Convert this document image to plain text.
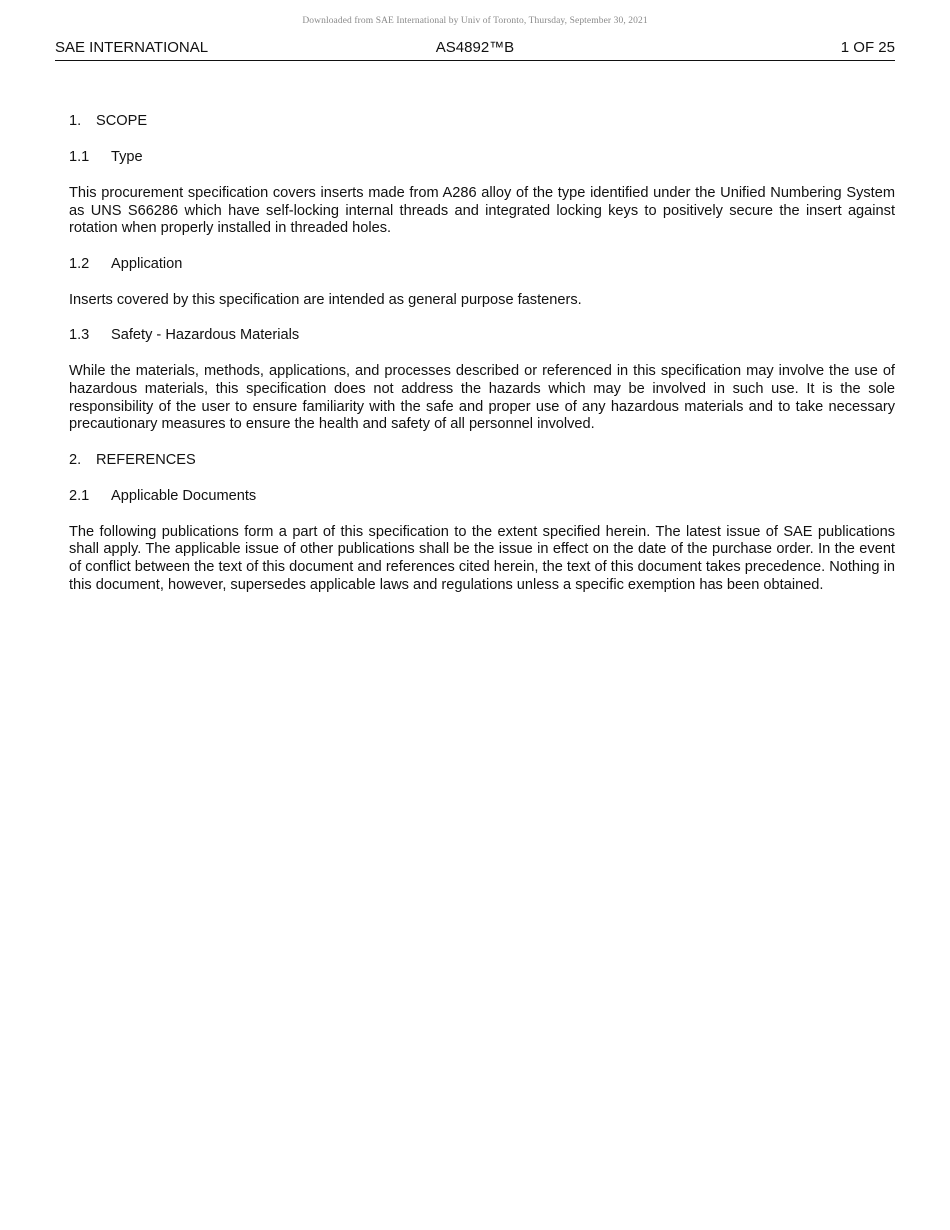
Downloaded from SAE International by Univ of Toronto, Thursday, September 30, 2021
SAE INTERNATIONAL	AS4892™B	1 OF 25
1. SCOPE
1.1 Type

This procurement specification covers inserts made from A286 alloy of the type identified under the Unified Numbering System as UNS S66286 which have self-locking internal threads and integrated locking keys to positively secure the insert against rotation when properly installed in threaded holes.

1.2 Application

Inserts covered by this specification are intended as general purpose fasteners.

1.3 Safety - Hazardous Materials

While the materials, methods, applications, and processes described or referenced in this specification may involve the use of hazardous materials, this specification does not address the hazards which may be involved in such use. It is the sole responsibility of the user to ensure familiarity with the safe and proper use of any hazardous materials and to take necessary precautionary measures to ensure the health and safety of all personnel involved.

2. REFERENCES
2.1 Applicable Documents

The following publications form a part of this specification to the extent specified herein. The latest issue of SAE publications shall apply. The applicable issue of other publications shall be the issue in effect on the date of the purchase order. In the event of conflict between the text of this document and references cited herein, the text of this document takes precedence. Nothing in this document, however, supersedes applicable laws and regulations unless a specific exemption has been obtained.
